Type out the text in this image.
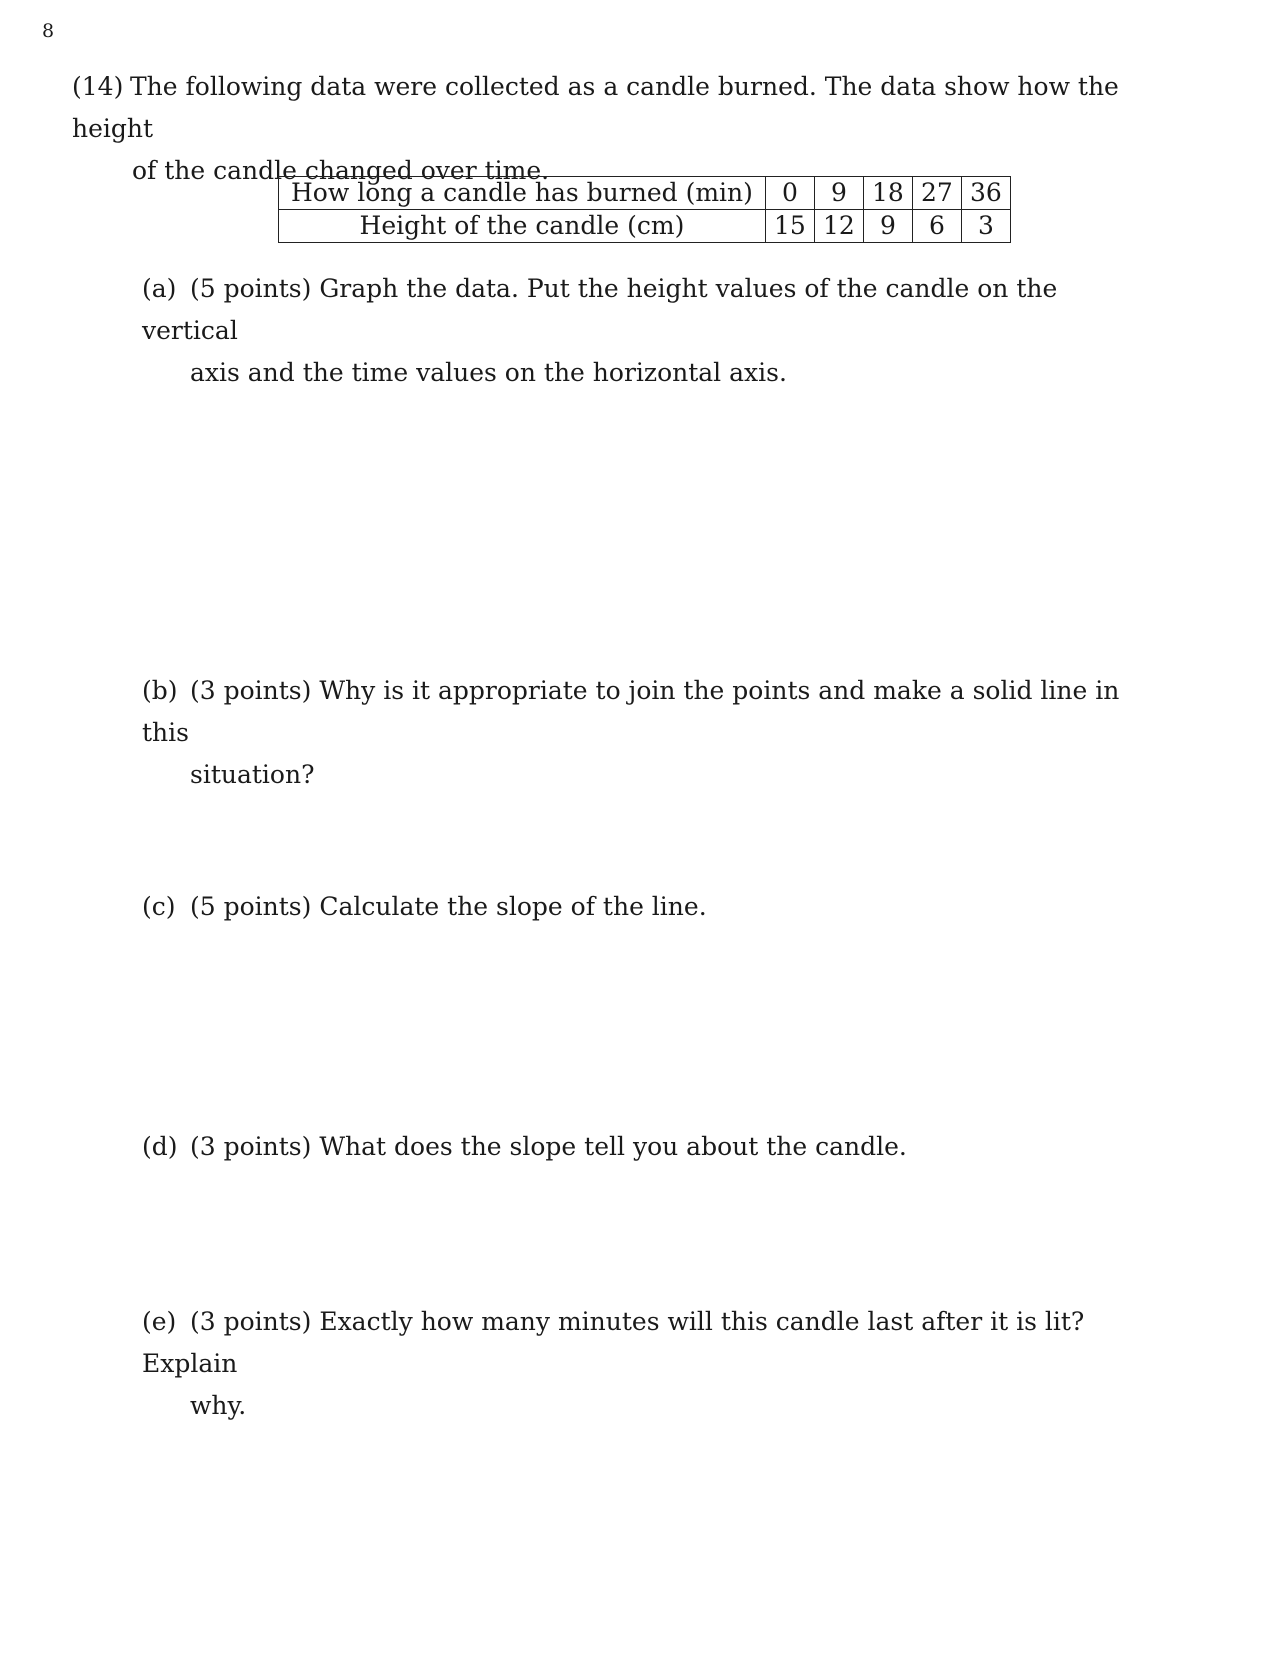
8
(14) The following data were collected as a candle burned. The data show how the height
of the candle changed over time.
How long a candle has burned (min)	0	9	18	27	36
Height of the candle (cm)	15	12	9	6	3
(a) (5 points) Graph the data. Put the height values of the candle on the vertical
axis and the time values on the horizontal axis.
(b) (3 points) Why is it appropriate to join the points and make a solid line in this
situation?
(c) (5 points) Calculate the slope of the line.
(d) (3 points) What does the slope tell you about the candle.
(e) (3 points) Exactly how many minutes will this candle last after it is lit? Explain
why.
